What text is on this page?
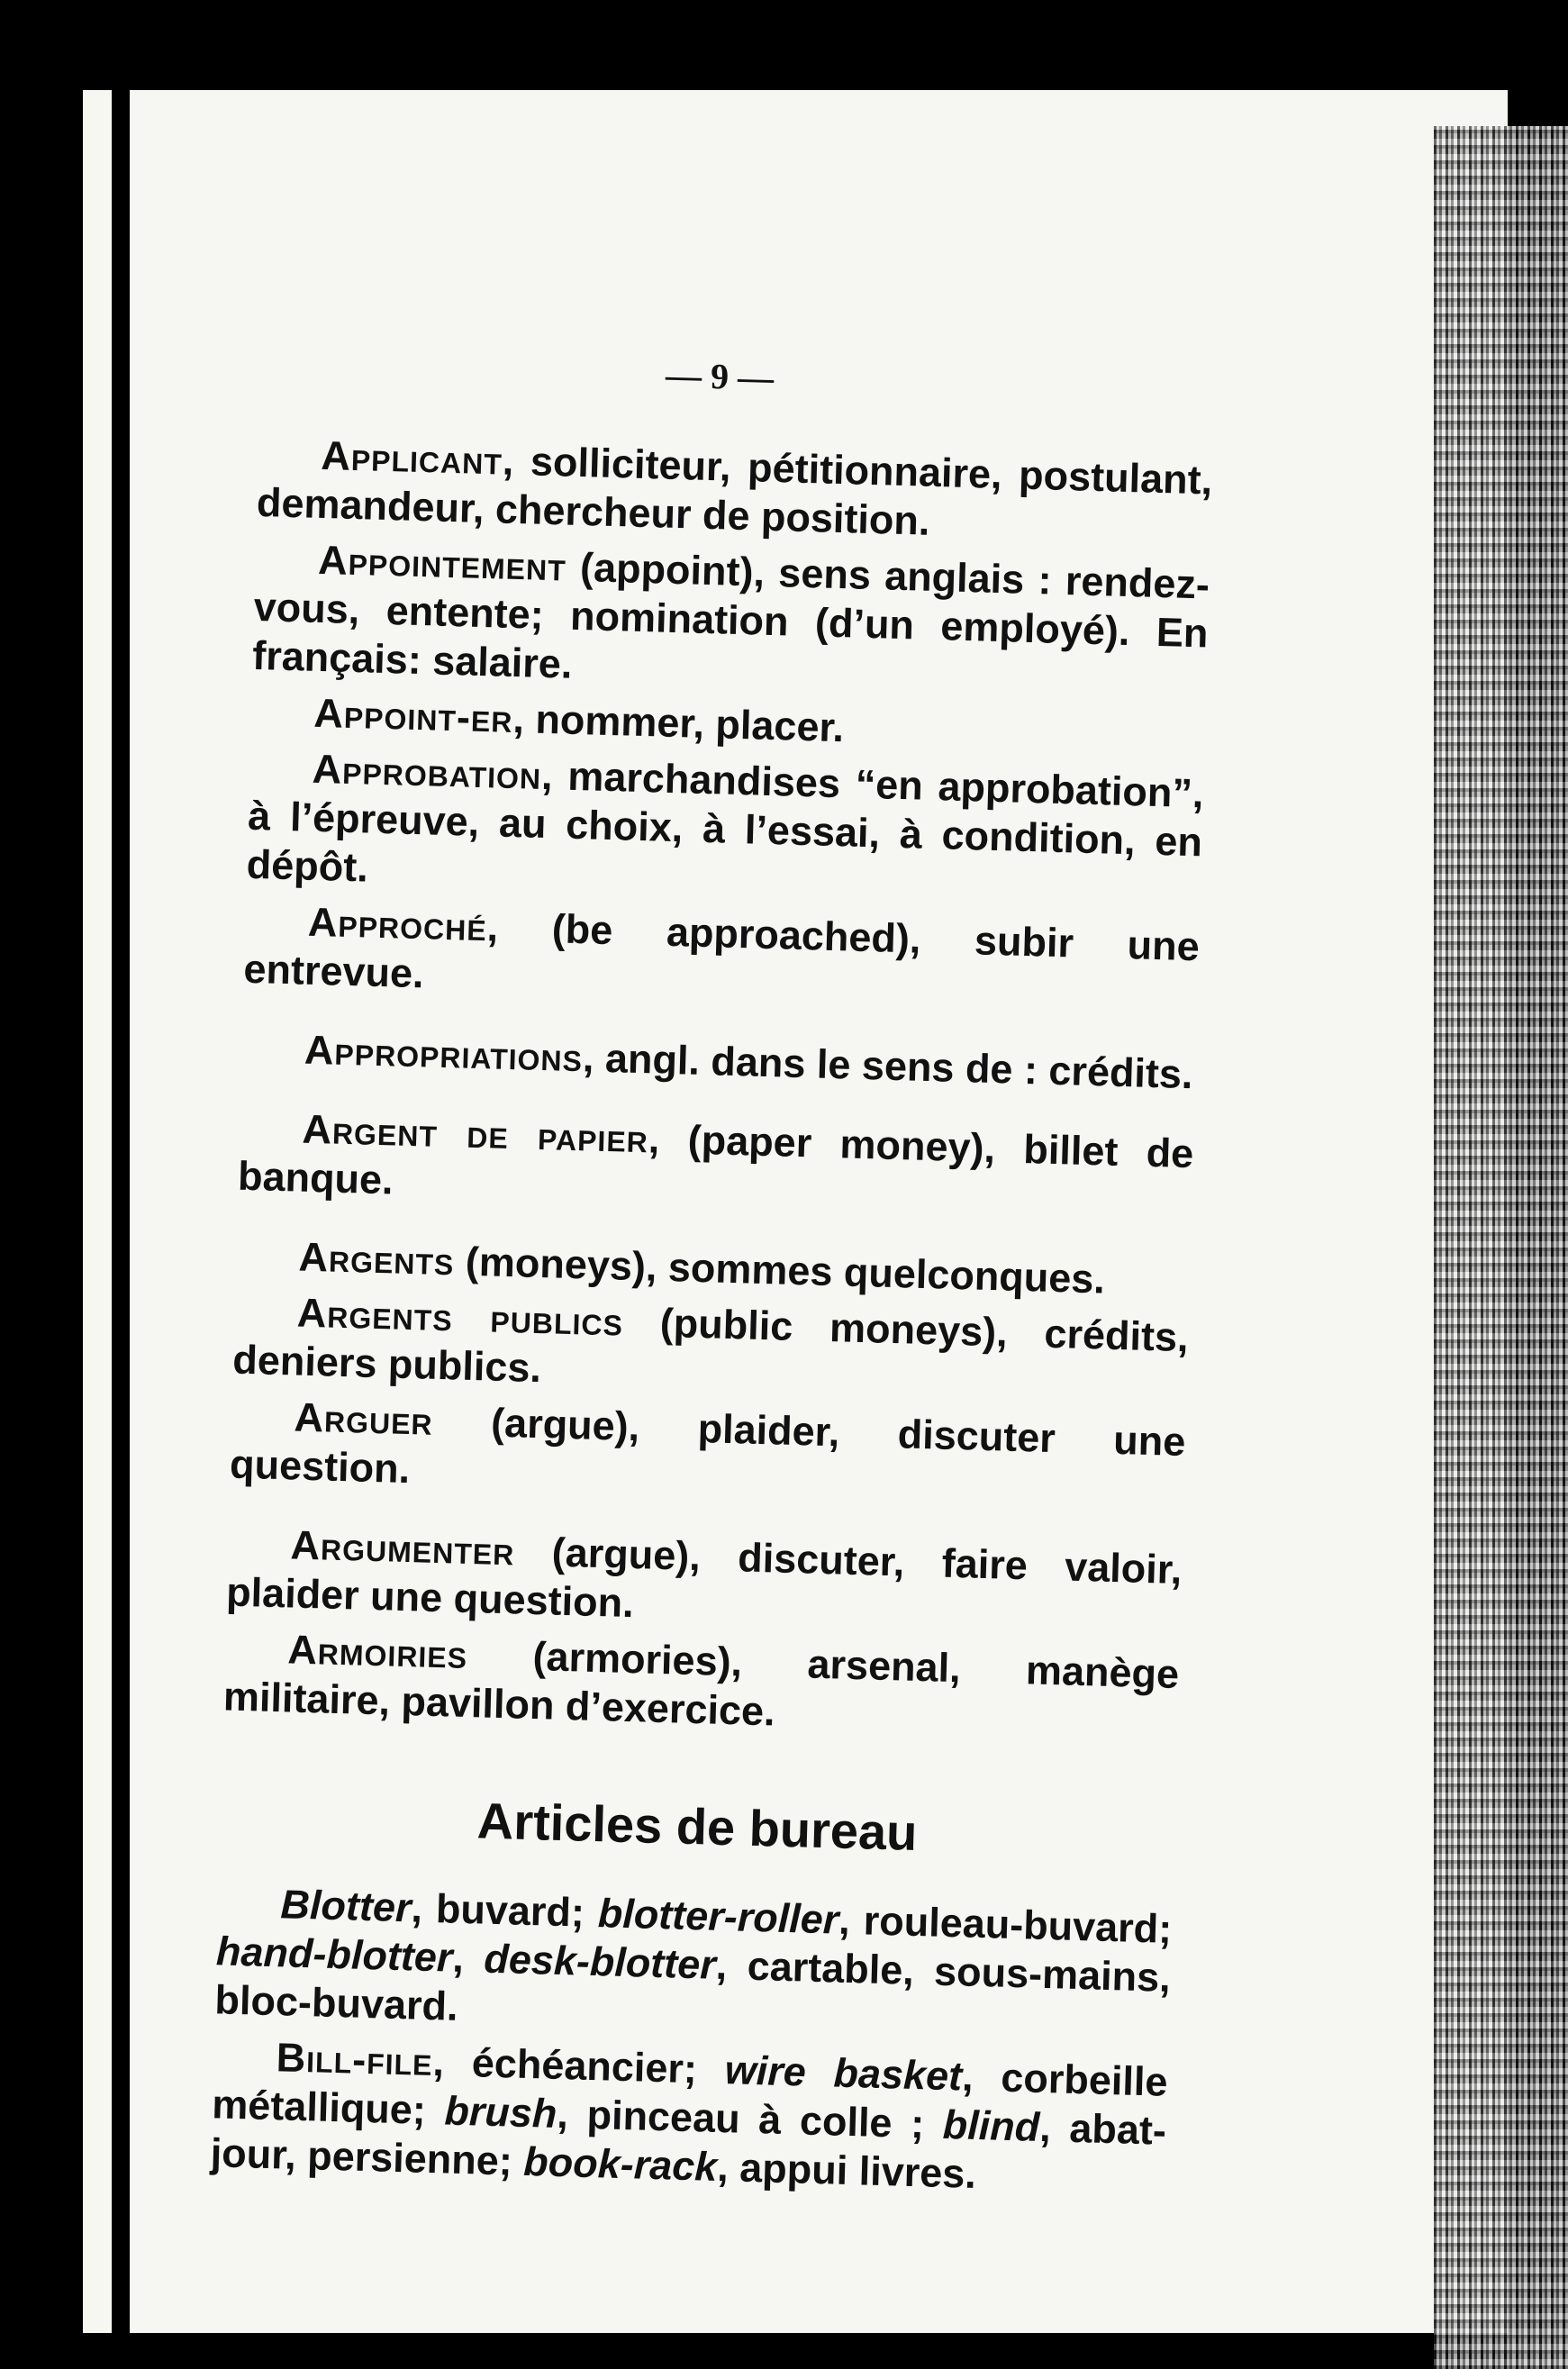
— 9 —

Applicant, solliciteur, pétitionnaire, postulant, demandeur, chercheur de position.

Appointement (appoint), sens anglais : rendez-vous, entente; nomination (d’un employé). En français: salaire.

Appoint-er, nommer, placer.

Approbation, marchandises “en approbation”, à l’épreuve, au choix, à l’essai, à condition, en dépôt.

Approché, (be approached), subir une entrevue.

Appropriations, angl. dans le sens de : crédits.

Argent de papier, (paper money), billet de banque.

Argents (moneys), sommes quelconques.

Argents publics (public moneys), crédits, deniers publics.

Arguer (argue), plaider, discuter une question.

Argumenter (argue), discuter, faire valoir, plaider une question.

Armoiries (armories), arsenal, manège militaire, pavillon d’exercice.

Articles de bureau

Blotter, buvard; blotter-roller, rouleau-buvard; hand-blotter, desk-blotter, cartable, sous-mains, bloc-buvard.

Bill-file, échéancier; wire basket, corbeille métallique; brush, pinceau à colle ; blind, abat-jour, persienne; book-rack, appui livres.
